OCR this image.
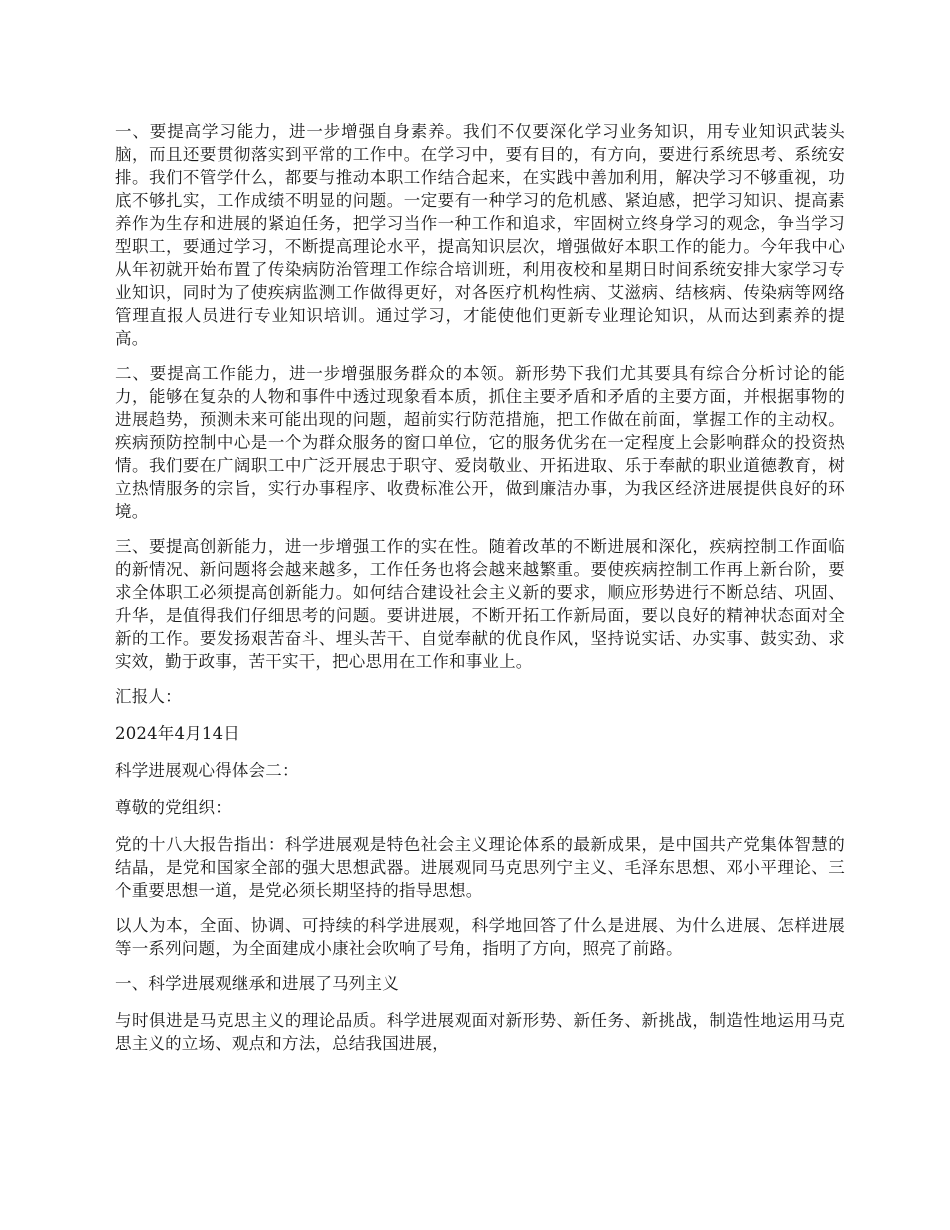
一、要提高学习能力，进一步增强自身素养。我们不仅要深化学习业务知识，用专业知识武装头脑，而且还要贯彻落实到平常的工作中。在学习中，要有目的，有方向，要进行系统思考、系统安排。我们不管学什么，都要与推动本职工作结合起来，在实践中善加利用，解决学习不够重视，功底不够扎实，工作成绩不明显的问题。一定要有一种学习的危机感、紧迫感，把学习知识、提高素养作为生存和进展的紧迫任务，把学习当作一种工作和追求，牢固树立终身学习的观念，争当学习型职工，要通过学习，不断提高理论水平，提高知识层次，增强做好本职工作的能力。今年我中心从年初就开始布置了传染病防治管理工作综合培训班，利用夜校和星期日时间系统安排大家学习专业知识，同时为了使疾病监测工作做得更好，对各医疗机构性病、艾滋病、结核病、传染病等网络管理直报人员进行专业知识培训。通过学习，才能使他们更新专业理论知识，从而达到素养的提高。

二、要提高工作能力，进一步增强服务群众的本领。新形势下我们尤其要具有综合分析讨论的能力，能够在复杂的人物和事件中透过现象看本质，抓住主要矛盾和矛盾的主要方面，并根据事物的进展趋势，预测未来可能出现的问题，超前实行防范措施，把工作做在前面，掌握工作的主动权。疾病预防控制中心是一个为群众服务的窗口单位，它的服务优劣在一定程度上会影响群众的投资热情。我们要在广阔职工中广泛开展忠于职守、爱岗敬业、开拓进取、乐于奉献的职业道德教育，树立热情服务的宗旨，实行办事程序、收费标准公开，做到廉洁办事，为我区经济进展提供良好的环境。

三、要提高创新能力，进一步增强工作的实在性。随着改革的不断进展和深化，疾病控制工作面临的新情况、新问题将会越来越多，工作任务也将会越来越繁重。要使疾病控制工作再上新台阶，要求全体职工必须提高创新能力。如何结合建设社会主义新的要求，顺应形势进行不断总结、巩固、升华，是值得我们仔细思考的问题。要讲进展，不断开拓工作新局面，要以良好的精神状态面对全新的工作。要发扬艰苦奋斗、埋头苦干、自觉奉献的优良作风，坚持说实话、办实事、鼓实劲、求实效，勤于政事，苦干实干，把心思用在工作和事业上。

汇报人：

2024年4月14日

科学进展观心得体会二：

尊敬的党组织：

党的十八大报告指出：科学进展观是特色社会主义理论体系的最新成果，是中国共产党集体智慧的结晶，是党和国家全部的强大思想武器。进展观同马克思列宁主义、毛泽东思想、邓小平理论、三个重要思想一道，是党必须长期坚持的指导思想。

以人为本，全面、协调、可持续的科学进展观，科学地回答了什么是进展、为什么进展、怎样进展等一系列问题，为全面建成小康社会吹响了号角，指明了方向，照亮了前路。

一、科学进展观继承和进展了马列主义

与时俱进是马克思主义的理论品质。科学进展观面对新形势、新任务、新挑战，制造性地运用马克思主义的立场、观点和方法，总结我国进展，
